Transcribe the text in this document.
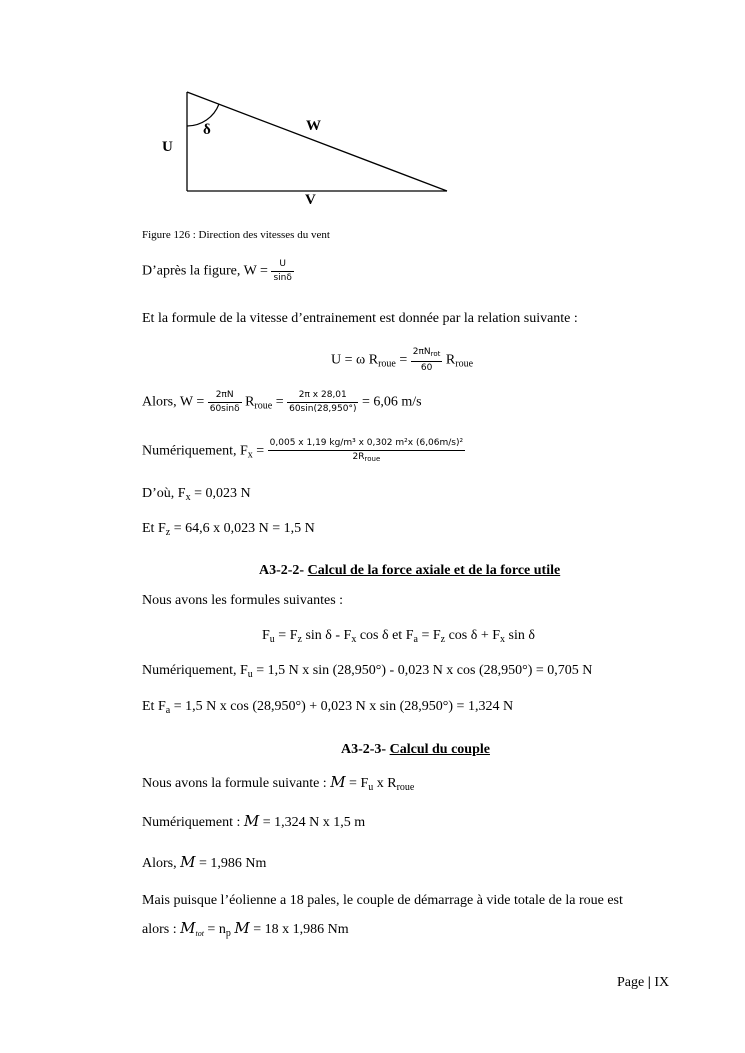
δ	W
U
V
Figure 126 : Direction des vitesses du vent
D’après la figure, $W = \frac{U}{\sin\delta}$
Et la formule de la vitesse d’entrainement est donnée par la relation suivante :
U = ω $R_{roue} = \frac{2\pi N_{rot}}{60} R_{roue}$
Alors, $W = \frac{2\pi N}{60\sin\delta} R_{roue} = \frac{\text{2π x 28,01}}{60\sin(28,950^\circ)} = 6,06$ m/s
Numériquement, $F_x = \frac{\text{0,005 x 1,19 kg/m³ x 0,302 m²x (6,06m/s)²}}{2R_{roue}}$
D’où, $F_x = 0,023$ N
Et $F_z = 64,6$ x 0,023 N = 1,5 N
A3-2-2- Calcul de la force axiale et de la force utile
Nous avons les formules suivantes :
$F_u = F_z$ sin δ - $F_x$ cos δ et $F_a = F_z$ $\cos \delta + F_x$ sin δ
Numériquement, $F_u = 1,5$ N x sin (28,950°) - 0,023 N x cos (28,950°) = 0,705 N
Et $F_a = 1,5$ N x cos (28,950°) + 0,023 N x sin (28,950°) = 1,324 N
A3-2-3- Calcul du couple
Nous avons la formule suivante : $M = F_u$ x $R_{roue}$
Numériquement : M = 1,324 N x 1,5 m
Alors, M = 1,986 Nm
Mais puisque l’éolienne a 18 pales, le couple de démarrage à vide totale de la roue est
alors : $M_{tot} = n_p$ M = 18 x 1,986 Nm
Page | IX
